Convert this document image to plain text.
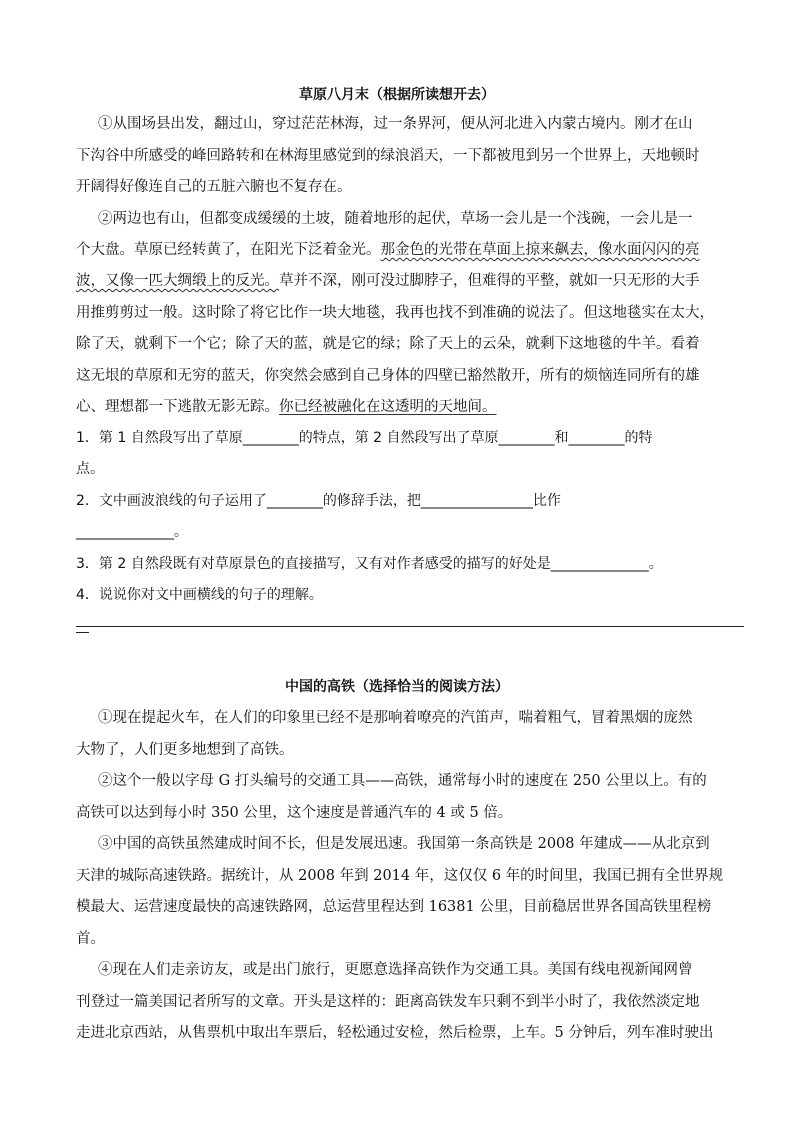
草原八月末（根据所读想开去）
①从围场县出发，翻过山，穿过茫茫林海，过一条界河，便从河北进入内蒙古境内。刚才在山
下沟谷中所感受的峰回路转和在林海里感觉到的绿浪滔天，一下都被甩到另一个世界上，天地顿时
开阔得好像连自己的五脏六腑也不复存在。
②两边也有山，但都变成缓缓的土坡，随着地形的起伏，草场一会儿是一个浅碗，一会儿是一
个大盘。草原已经转黄了，在阳光下泛着金光。那金色的光带在草面上掠来飙去，像水面闪闪的亮
波，又像一匹大绸缎上的反光。草并不深，刚可没过脚脖子，但难得的平整，就如一只无形的大手
用推剪剪过一般。这时除了将它比作一块大地毯，我再也找不到准确的说法了。但这地毯实在太大，
除了天，就剩下一个它；除了天的蓝，就是它的绿；除了天上的云朵，就剩下这地毯的牛羊。看着
这无垠的草原和无穷的蓝天，你突然会感到自己身体的四壁已豁然散开，所有的烦恼连同所有的雄
心、理想都一下逃散无影无踪。你已经被融化在这透明的天地间。
1．第 1 自然段写出了草原________的特点，第 2 自然段写出了草原________和________的特
点。
2．文中画波浪线的句子运用了________的修辞手法，把________________比作
______________。
3．第 2 自然段既有对草原景色的直接描写，又有对作者感受的描写的好处是______________。
4．说说你对文中画横线的句子的理解。
中国的高铁（选择恰当的阅读方法）
①现在提起火车，在人们的印象里已经不是那响着嘹亮的汽笛声，喘着粗气，冒着黑烟的庞然
大物了，人们更多地想到了高铁。
②这个一般以字母 G 打头编号的交通工具——高铁，通常每小时的速度在 250 公里以上。有的
高铁可以达到每小时 350 公里，这个速度是普通汽车的 4 或 5 倍。
③中国的高铁虽然建成时间不长，但是发展迅速。我国第一条高铁是 2008 年建成——从北京到
天津的城际高速铁路。据统计，从 2008 年到 2014 年，这仅仅 6 年的时间里，我国已拥有全世界规
模最大、运营速度最快的高速铁路网，总运营里程达到 16381 公里，目前稳居世界各国高铁里程榜
首。
④现在人们走亲访友，或是出门旅行，更愿意选择高铁作为交通工具。美国有线电视新闻网曾
刊登过一篇美国记者所写的文章。开头是这样的：距离高铁发车只剩不到半小时了，我依然淡定地
走进北京西站，从售票机中取出车票后，轻松通过安检，然后检票，上车。5 分钟后，列车准时驶出
